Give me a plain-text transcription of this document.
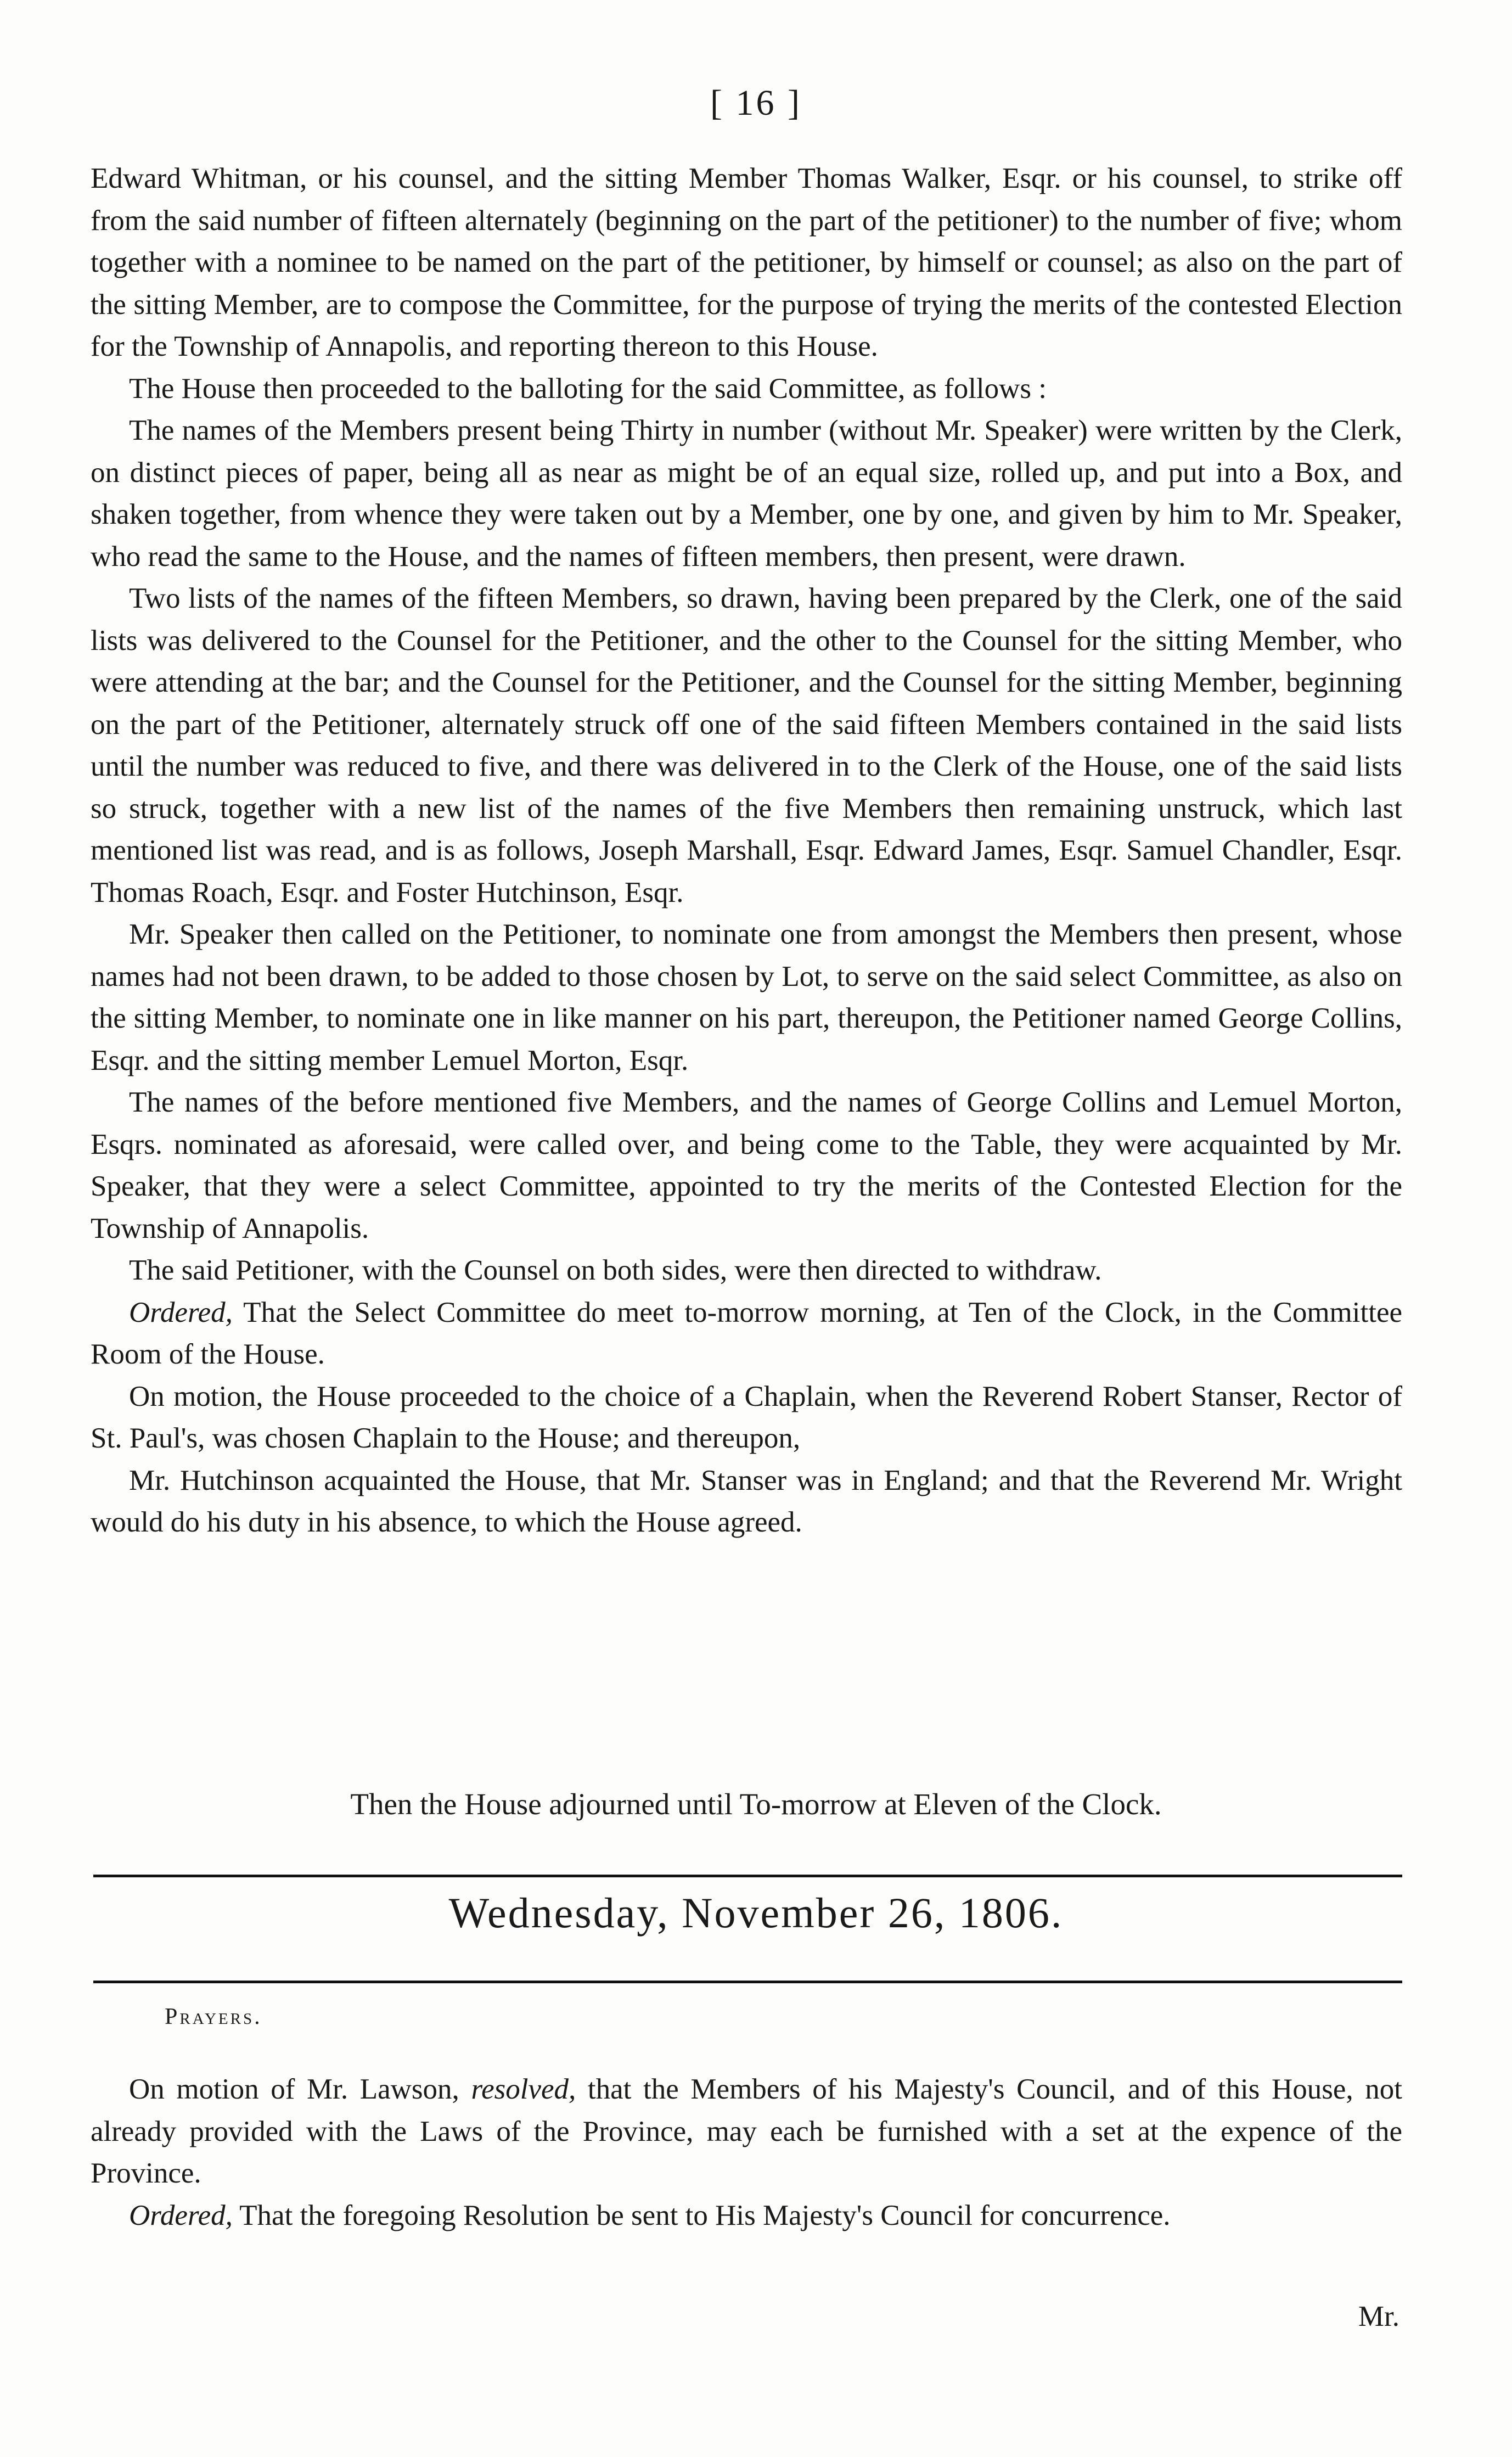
[ 16 ]

Edward Whitman, or his counsel, and the sitting Member Thomas Walker, Esqr. or his counsel, to strike off from the said number of fifteen alternately (beginning on the part of the petitioner) to the number of five; whom together with a nominee to be named on the part of the petitioner, by himself or counsel; as also on the part of the sitting Member, are to compose the Committee, for the purpose of trying the merits of the contested Election for the Township of Annapolis, and reporting thereon to this House.

The House then proceeded to the balloting for the said Committee, as follows :

The names of the Members present being Thirty in number (without Mr. Speaker) were written by the Clerk, on distinct pieces of paper, being all as near as might be of an equal size, rolled up, and put into a Box, and shaken together, from whence they were taken out by a Member, one by one, and given by him to Mr. Speaker, who read the same to the House, and the names of fifteen members, then present, were drawn.

Two lists of the names of the fifteen Members, so drawn, having been prepared by the Clerk, one of the said lists was delivered to the Counsel for the Petitioner, and the other to the Counsel for the sitting Member, who were attending at the bar; and the Counsel for the Petitioner, and the Counsel for the sitting Member, beginning on the part of the Petitioner, alternately struck off one of the said fifteen Members contained in the said lists until the number was reduced to five, and there was delivered in to the Clerk of the House, one of the said lists so struck, together with a new list of the names of the five Members then remaining unstruck, which last mentioned list was read, and is as follows, Joseph Marshall, Esqr. Edward James, Esqr. Samuel Chandler, Esqr. Thomas Roach, Esqr. and Foster Hutchinson, Esqr.

Mr. Speaker then called on the Petitioner, to nominate one from amongst the Members then present, whose names had not been drawn, to be added to those chosen by Lot, to serve on the said select Committee, as also on the sitting Member, to nominate one in like manner on his part, thereupon, the Petitioner named George Collins, Esqr. and the sitting member Lemuel Morton, Esqr.

The names of the before mentioned five Members, and the names of George Collins and Lemuel Morton, Esqrs. nominated as aforesaid, were called over, and being come to the Table, they were acquainted by Mr. Speaker, that they were a select Committee, appointed to try the merits of the Contested Election for the Township of Annapolis.

The said Petitioner, with the Counsel on both sides, were then directed to withdraw.

Ordered, That the Select Committee do meet to-morrow morning, at Ten of the Clock, in the Committee Room of the House.

On motion, the House proceeded to the choice of a Chaplain, when the Reverend Robert Stanser, Rector of St. Paul's, was chosen Chaplain to the House; and thereupon,

Mr. Hutchinson acquainted the House, that Mr. Stanser was in England; and that the Reverend Mr. Wright would do his duty in his absence, to which the House agreed.

Then the House adjourned until To-morrow at Eleven of the Clock.
Wednesday, November 26, 1806.
Prayers.

On motion of Mr. Lawson, resolved, that the Members of his Majesty's Council, and of this House, not already provided with the Laws of the Province, may each be furnished with a set at the expence of the Province.

Ordered, That the foregoing Resolution be sent to His Majesty's Council for concurrence.

Mr.
